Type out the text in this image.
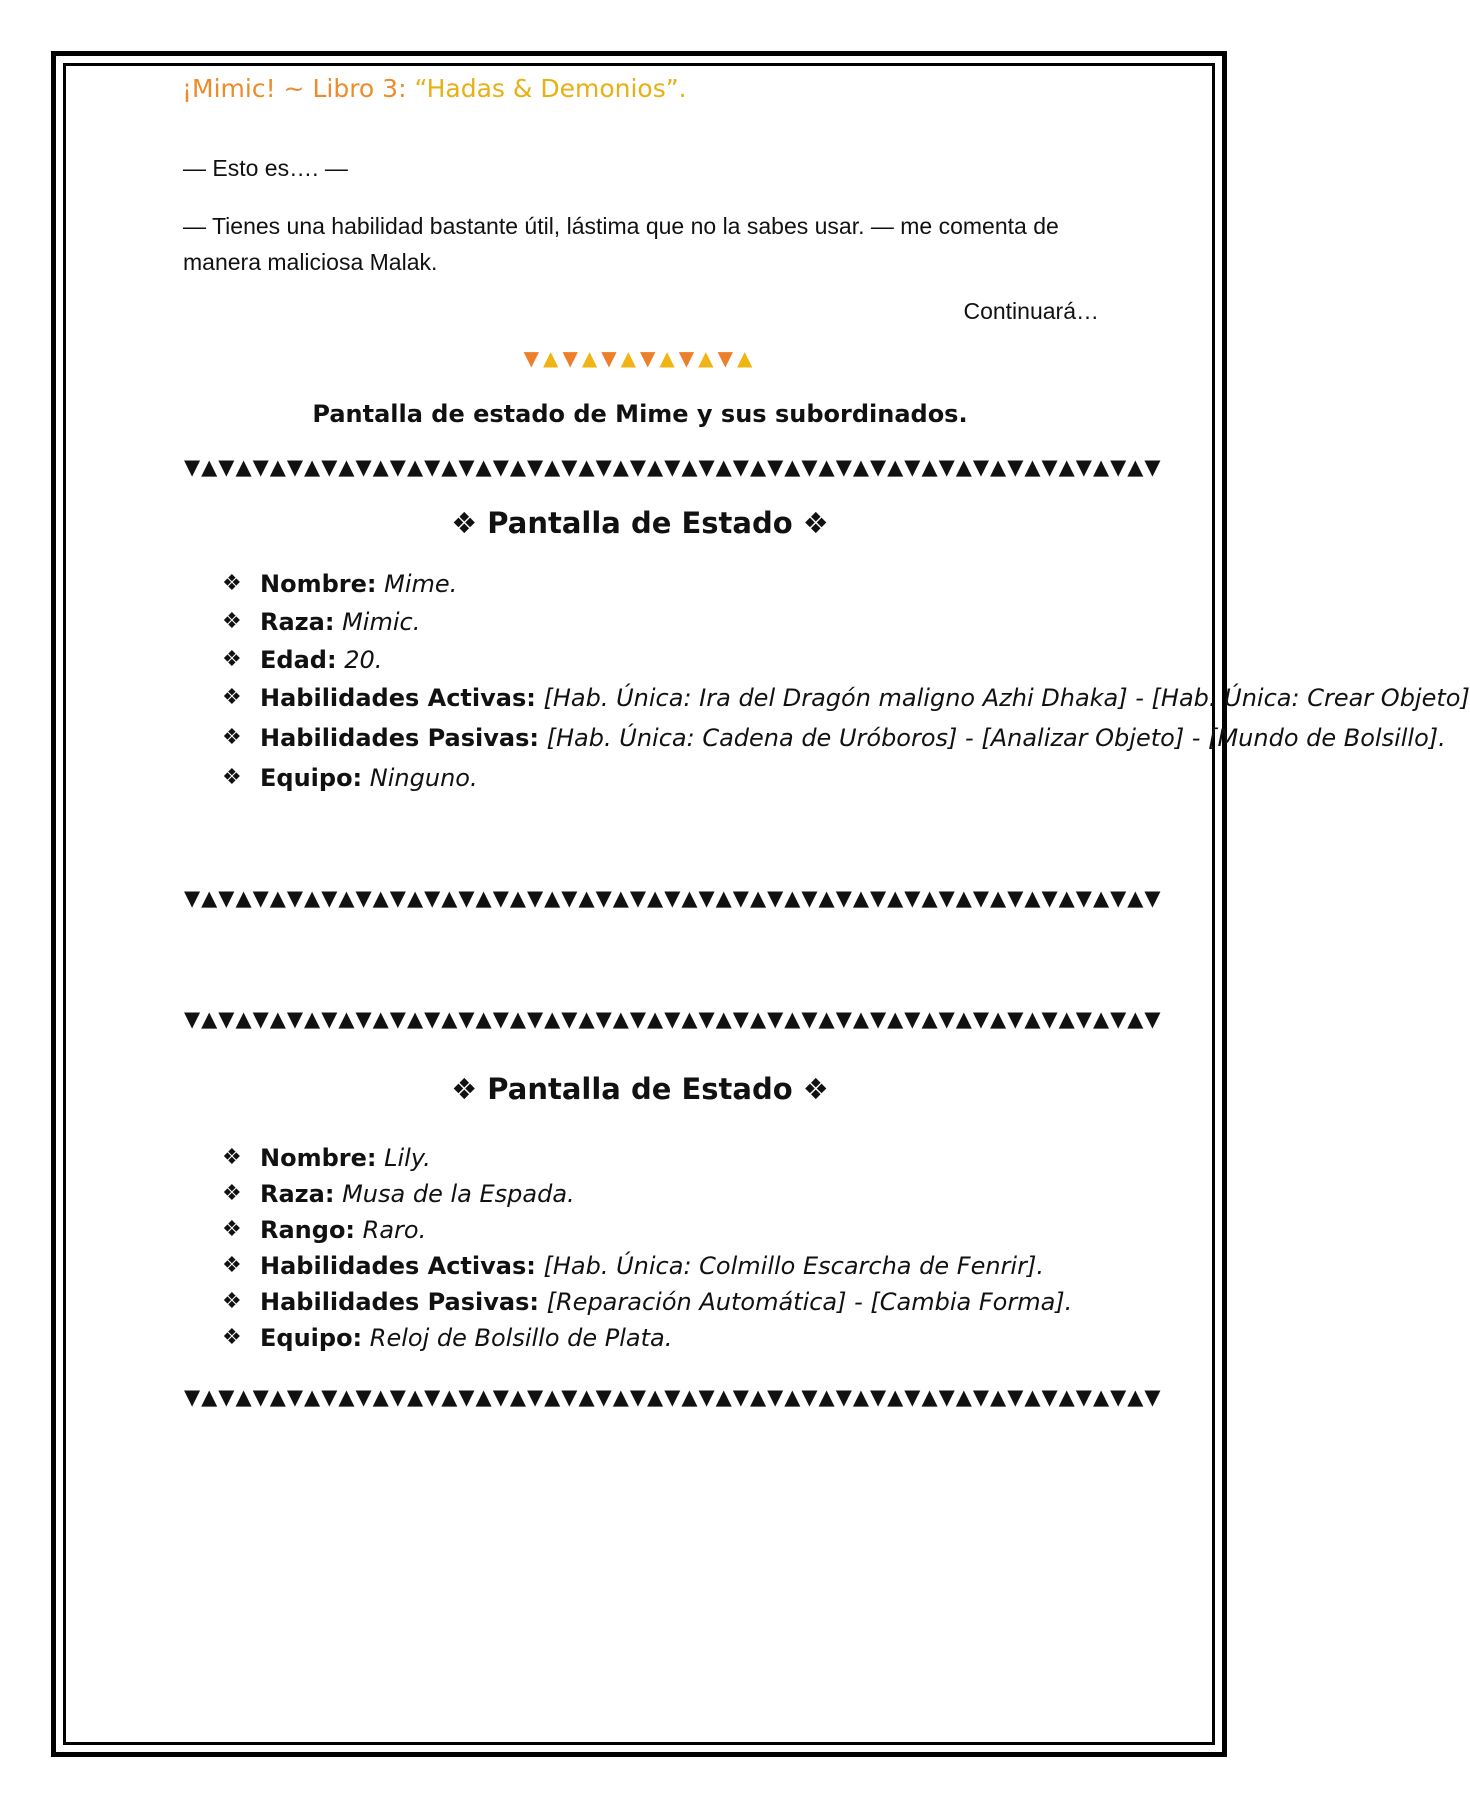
¡Mimic! ~ Libro 3: “Hadas & Demonios”.
— Esto es…. —
— Tienes una habilidad bastante útil, lástima que no la sabes usar. — me comenta de manera maliciosa Malak.
Continuará…
▼▲▼▲▼▲▼▲▼▲▼▲
Pantalla de estado de Mime y sus subordinados.
▼▲▼▲▼▲▼▲▼▲▼▲▼▲▼▲▼▲▼▲▼▲▼▲▼▲▼▲▼▲▼▲▼▲▼▲▼▲▼▲▼▲▼▲▼▲▼▲▼▲▼▲▼▲▼▲▼
❖ Pantalla de Estado ❖
❖ Nombre: Mime.
❖ Raza: Mimic.
❖ Edad: 20.
❖ Habilidades Activas: [Hab. Única: Ira del Dragón maligno Azhi Dhaka] - [Hab. Única: Crear Objeto]
❖ Habilidades Pasivas: [Hab. Única: Cadena de Uróboros] - [Analizar Objeto] - [Mundo de Bolsillo].
❖ Equipo: Ninguno.
▼▲▼▲▼▲▼▲▼▲▼▲▼▲▼▲▼▲▼▲▼▲▼▲▼▲▼▲▼▲▼▲▼▲▼▲▼▲▼▲▼▲▼▲▼▲▼▲▼▲▼▲▼▲▼▲▼
▼▲▼▲▼▲▼▲▼▲▼▲▼▲▼▲▼▲▼▲▼▲▼▲▼▲▼▲▼▲▼▲▼▲▼▲▼▲▼▲▼▲▼▲▼▲▼▲▼▲▼▲▼▲▼▲▼
❖ Pantalla de Estado ❖
❖ Nombre: Lily.
❖ Raza: Musa de la Espada.
❖ Rango: Raro.
❖ Habilidades Activas: [Hab. Única: Colmillo Escarcha de Fenrir].
❖ Habilidades Pasivas: [Reparación Automática] - [Cambia Forma].
❖ Equipo: Reloj de Bolsillo de Plata.
▼▲▼▲▼▲▼▲▼▲▼▲▼▲▼▲▼▲▼▲▼▲▼▲▼▲▼▲▼▲▼▲▼▲▼▲▼▲▼▲▼▲▼▲▼▲▼▲▼▲▼▲▼▲▼▲▼
